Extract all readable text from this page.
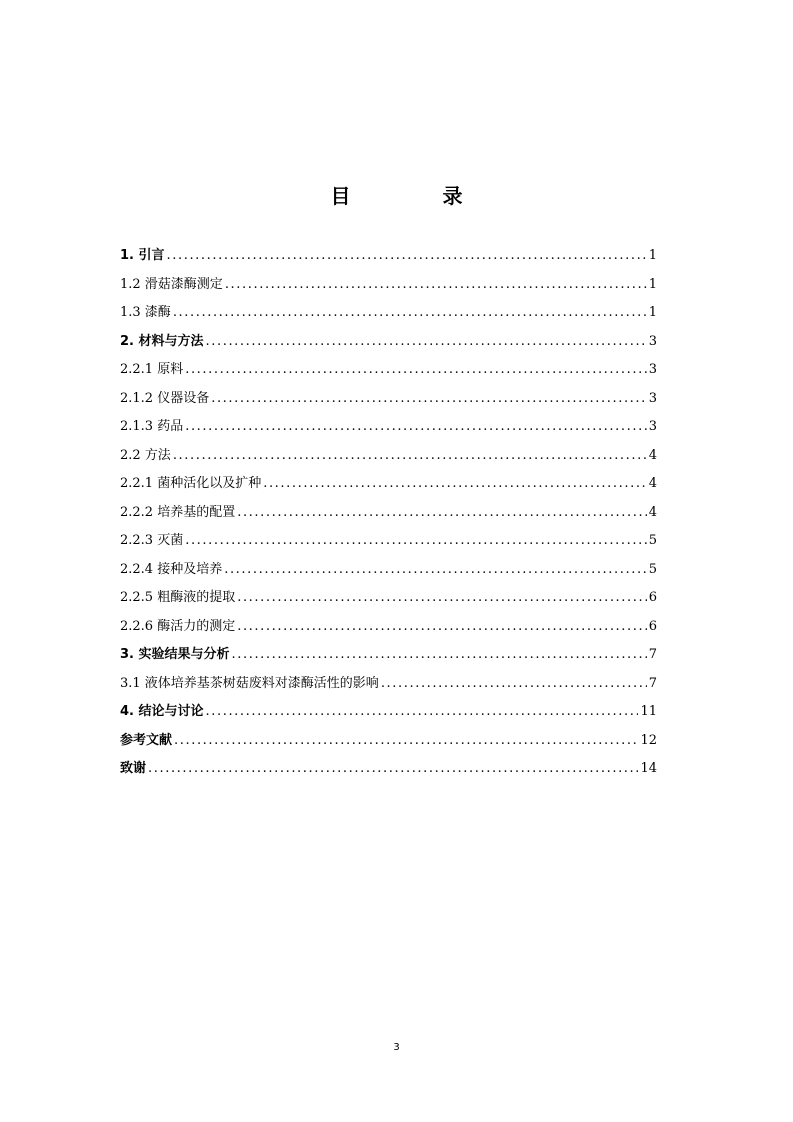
目　录
1. 引言 .....	1
1.2 滑菇漆酶测定 .....	1
1.3 漆酶 .....	1
2. 材料与方法 .....	3
2.2.1 原料 .....	3
2.1.2 仪器设备 .....	3
2.1.3 药品 .....	3
2.2 方法 .....	4
2.2.1 菌种活化以及扩种 .....	4
2.2.2 培养基的配置 .....	4
2.2.3 灭菌 .....	5
2.2.4 接种及培养 .....	5
2.2.5 粗酶液的提取 .....	6
2.2.6 酶活力的测定 .....	6
3. 实验结果与分析 .....	7
3.1 液体培养基茶树菇废料对漆酶活性的影响 .....	7
4. 结论与讨论 .....	11
参考文献 .....	12
致谢 .....	14
3
